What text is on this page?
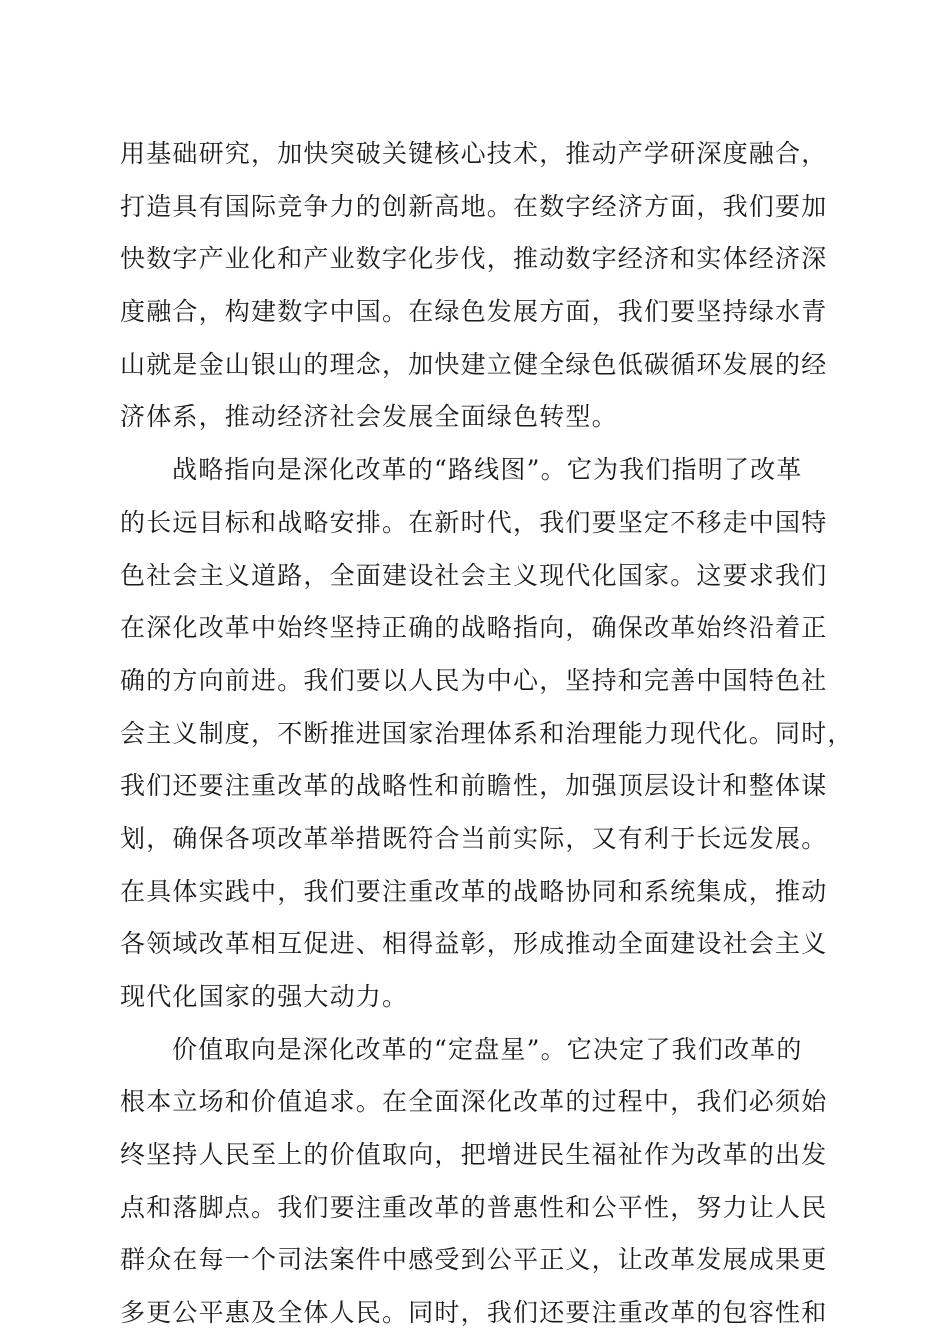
用基础研究，加快突破关键核心技术，推动产学研深度融合，
打造具有国际竞争力的创新高地。在数字经济方面，我们要加
快数字产业化和产业数字化步伐，推动数字经济和实体经济深
度融合，构建数字中国。在绿色发展方面，我们要坚持绿水青
山就是金山银山的理念，加快建立健全绿色低碳循环发展的经
济体系，推动经济社会发展全面绿色转型。
战略指向是深化改革的“路线图”。它为我们指明了改革
的长远目标和战略安排。在新时代，我们要坚定不移走中国特
色社会主义道路，全面建设社会主义现代化国家。这要求我们
在深化改革中始终坚持正确的战略指向，确保改革始终沿着正
确的方向前进。我们要以人民为中心，坚持和完善中国特色社
会主义制度，不断推进国家治理体系和治理能力现代化。同时，
我们还要注重改革的战略性和前瞻性，加强顶层设计和整体谋
划，确保各项改革举措既符合当前实际，又有利于长远发展。
在具体实践中，我们要注重改革的战略协同和系统集成，推动
各领域改革相互促进、相得益彰，形成推动全面建设社会主义
现代化国家的强大动力。
价值取向是深化改革的“定盘星”。它决定了我们改革的
根本立场和价值追求。在全面深化改革的过程中，我们必须始
终坚持人民至上的价值取向，把增进民生福祉作为改革的出发
点和落脚点。我们要注重改革的普惠性和公平性，努力让人民
群众在每一个司法案件中感受到公平正义，让改革发展成果更
多更公平惠及全体人民。同时，我们还要注重改革的包容性和
